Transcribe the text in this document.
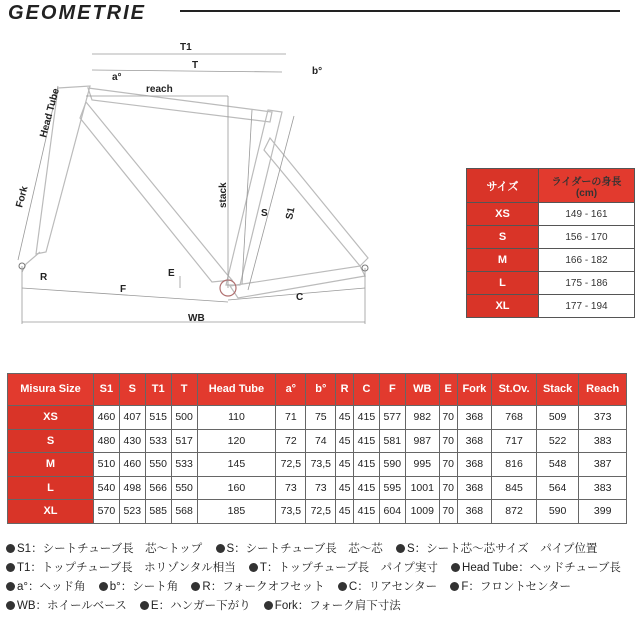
GEOMETRIE
T1
T
a°
b°
reach
Head Tube
Fork	stack
S S1
R	E
F
C
WB
サイズ	ライダーの身長
(cm)

XS	149 - 161
S	156 - 170
M	166 - 182
L	175 - 186
XL	177 - 194
Misura Size	S1	S	T1	T	Head Tube	a°	b°	R	C	F	WB	E	Fork	St.Ov.	Stack	Reach
XS	460	407	515	500	110	71	75	45	415	577	982	70	368	768	509	373
S	480	430	533	517	120	72	74	45	415	581	987	70	368	717	522	383
M	510	460	550	533	145	72,5	73,5	45	415	590	995	70	368	816	548	387
L	540	498	566	550	160	73	73	45	415	595	1001	70	368	845	564	383
XL	570	523	585	568	185	73,5	72,5	45	415	604	1009	70	368	872	590	399
S1：シートチューブ長　芯〜トップ S：シートチューブ長　芯〜芯 S：シート芯〜芯サイズ　パイプ位置 T1：トップチューブ長　ホリゾンタル相当 T：トップチューブ長　パイプ実寸 Head Tube：ヘッドチューブ長 a°：ヘッド角 b°：シート角 R：フォークオフセット C：リアセンター F：フロントセンター WB：ホイールベース E：ハンガー下がり Fork：フォーク肩下寸法
